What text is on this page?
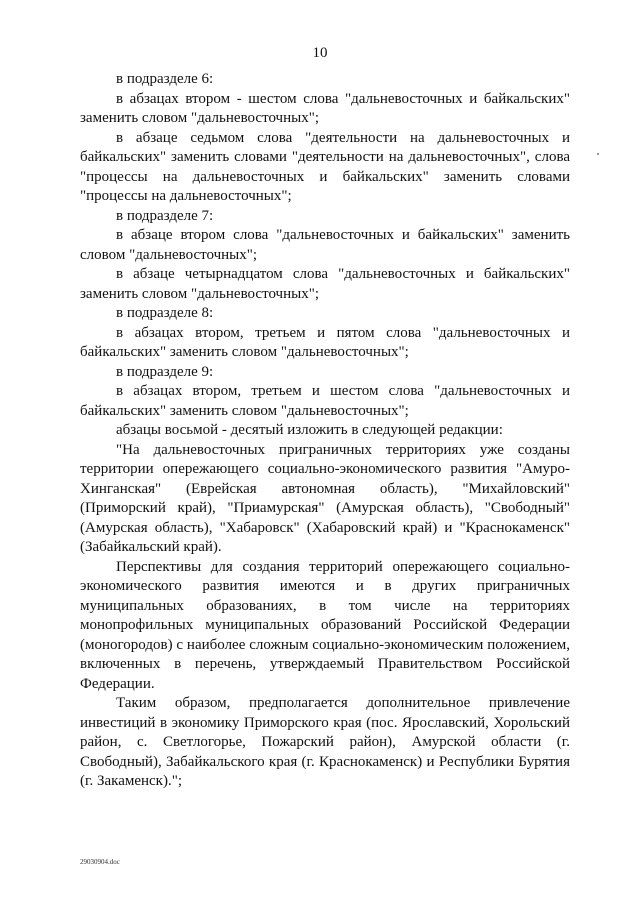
10

в подразделе 6:

в абзацах втором - шестом слова "дальневосточных и байкальских" заменить словом "дальневосточных";

в абзаце седьмом слова "деятельности на дальневосточных и байкальских" заменить словами "деятельности на дальневосточных", слова "процессы на дальневосточных и байкальских" заменить словами "процессы на дальневосточных";

в подразделе 7:

в абзаце втором слова "дальневосточных и байкальских" заменить словом "дальневосточных";

в абзаце четырнадцатом слова "дальневосточных и байкальских" заменить словом "дальневосточных";

в подразделе 8:

в абзацах втором, третьем и пятом слова "дальневосточных и байкальских" заменить словом "дальневосточных";

в подразделе 9:

в абзацах втором, третьем и шестом слова "дальневосточных и байкальских" заменить словом "дальневосточных";

абзацы восьмой - десятый изложить в следующей редакции:

"На дальневосточных приграничных территориях уже созданы территории опережающего социально-экономического развития "Амуро-Хинганская" (Еврейская автономная область), "Михайловский" (Приморский край), "Приамурская" (Амурская область), "Свободный" (Амурская область), "Хабаровск" (Хабаровский край) и "Краснокаменск" (Забайкальский край).

Перспективы для создания территорий опережающего социально-экономического развития имеются и в других приграничных муниципальных образованиях, в том числе на территориях монопрофильных муниципальных образований Российской Федерации (моногородов) с наиболее сложным социально-экономическим положением, включенных в перечень, утверждаемый Правительством Российской Федерации.

Таким образом, предполагается дополнительное привлечение инвестиций в экономику Приморского края (пос. Ярославский, Хорольский район, с. Светлогорье, Пожарский район), Амурской области (г. Свободный), Забайкальского края (г. Краснокаменск) и Республики Бурятия (г. Закаменск).";

29030904.doc
